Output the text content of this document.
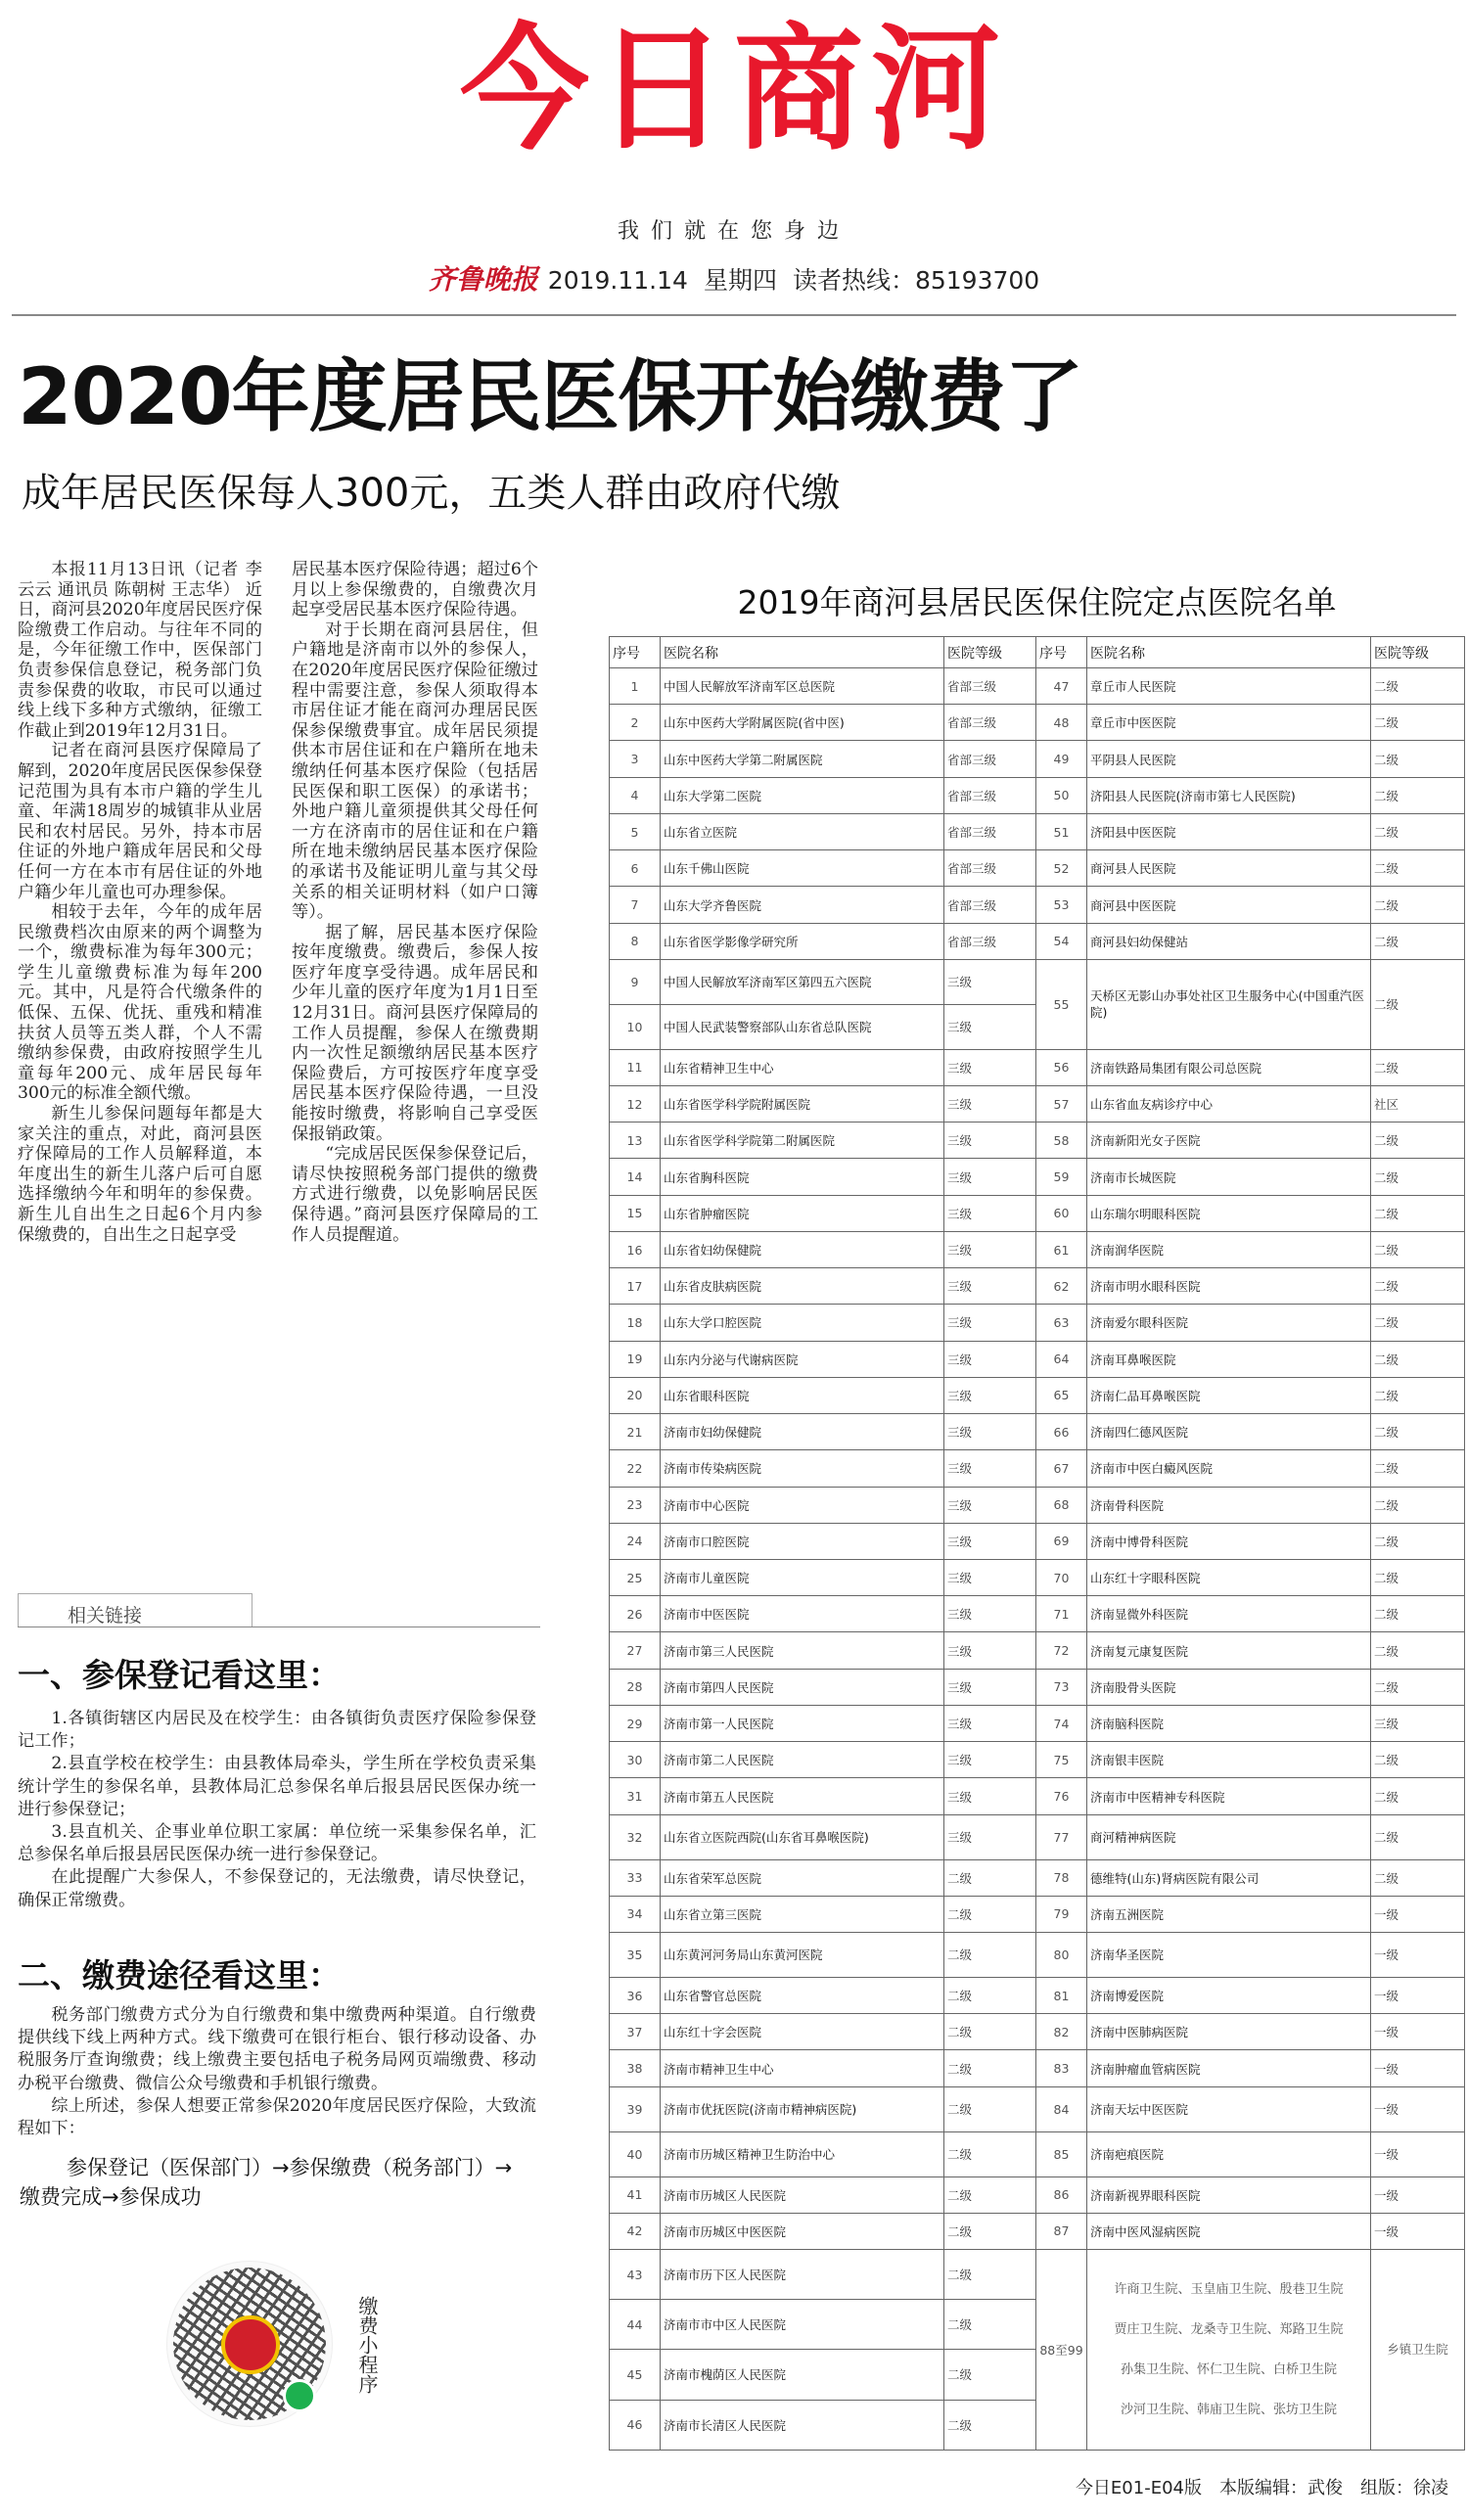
今日商河
我们就在您身边
齐鲁晚报 2019.11.14 星期四 读者热线：85193700
2020年度居民医保开始缴费了
成年居民医保每人300元，五类人群由政府代缴

本报11月13日讯（记者 李云云 通讯员 陈朝树 王志华） 近日，商河县2020年度居民医疗保险缴费工作启动。与往年不同的是，今年征缴工作中，医保部门负责参保信息登记，税务部门负责参保费的收取，市民可以通过线上线下多种方式缴纳，征缴工作截止到2019年12月31日。

记者在商河县医疗保障局了解到，2020年度居民医保参保登记范围为具有本市户籍的学生儿童、年满18周岁的城镇非从业居民和农村居民。另外，持本市居住证的外地户籍成年居民和父母任何一方在本市有居住证的外地户籍少年儿童也可办理参保。

相较于去年，今年的成年居民缴费档次由原来的两个调整为一个，缴费标准为每年300元；学生儿童缴费标准为每年200元。其中，凡是符合代缴条件的低保、五保、优抚、重残和精准扶贫人员等五类人群，个人不需缴纳参保费，由政府按照学生儿童每年200元、成年居民每年300元的标准全额代缴。

新生儿参保问题每年都是大家关注的重点，对此，商河县医疗保障局的工作人员解释道，本年度出生的新生儿落户后可自愿选择缴纳今年和明年的参保费。新生儿自出生之日起6个月内参保缴费的，自出生之日起享受

居民基本医疗保险待遇；超过6个月以上参保缴费的，自缴费次月起享受居民基本医疗保险待遇。

对于长期在商河县居住，但户籍地是济南市以外的参保人，在2020年度居民医疗保险征缴过程中需要注意，参保人须取得本市居住证才能在商河办理居民医保参保缴费事宜。成年居民须提供本市居住证和在户籍所在地未缴纳任何基本医疗保险（包括居民医保和职工医保）的承诺书；外地户籍儿童须提供其父母任何一方在济南市的居住证和在户籍所在地未缴纳居民基本医疗保险的承诺书及能证明儿童与其父母关系的相关证明材料（如户口簿等）。

据了解，居民基本医疗保险按年度缴费。缴费后，参保人按医疗年度享受待遇。成年居民和少年儿童的医疗年度为1月1日至12月31日。商河县医疗保障局的工作人员提醒，参保人在缴费期内一次性足额缴纳居民基本医疗保险费后，方可按医疗年度享受居民基本医疗保险待遇，一旦没能按时缴费，将影响自己享受医保报销政策。

“完成居民医保参保登记后，请尽快按照税务部门提供的缴费方式进行缴费，以免影响居民医保待遇。”商河县医疗保障局的工作人员提醒道。

相关链接
一、参保登记看这里：

1.各镇街辖区内居民及在校学生：由各镇街负责医疗保险参保登记工作；

2.县直学校在校学生：由县教体局牵头，学生所在学校负责采集统计学生的参保名单，县教体局汇总参保名单后报县居民医保办统一进行参保登记；

3.县直机关、企事业单位职工家属：单位统一采集参保名单，汇总参保名单后报县居民医保办统一进行参保登记。

在此提醒广大参保人，不参保登记的，无法缴费，请尽快登记，确保正常缴费。

二、缴费途径看这里：

税务部门缴费方式分为自行缴费和集中缴费两种渠道。自行缴费提供线下线上两种方式。线下缴费可在银行柜台、银行移动设备、办税服务厅查询缴费；线上缴费主要包括电子税务局网页端缴费、移动办税平台缴费、微信公众号缴费和手机银行缴费。

综上所述，参保人想要正常参保2020年度居民医疗保险，大致流程如下：

参保登记（医保部门）→参保缴费（税务部门）→
缴费完成→参保成功
缴费小程序
2019年商河县居民医保住院定点医院名单
序号	医院名称	医院等级	序号	医院名称	医院等级
1	中国人民解放军济南军区总医院	省部三级	47	章丘市人民医院	二级
2	山东中医药大学附属医院(省中医)	省部三级	48	章丘市中医医院	二级
3	山东中医药大学第二附属医院	省部三级	49	平阴县人民医院	二级
4	山东大学第二医院	省部三级	50	济阳县人民医院(济南市第七人民医院)	二级
5	山东省立医院	省部三级	51	济阳县中医医院	二级
6	山东千佛山医院	省部三级	52	商河县人民医院	二级
7	山东大学齐鲁医院	省部三级	53	商河县中医医院	二级
8	山东省医学影像学研究所	省部三级	54	商河县妇幼保健站	二级
9	中国人民解放军济南军区第四五六医院	三级	55	天桥区无影山办事处社区卫生服务中心(中国重汽医院)	二级
10	中国人民武装警察部队山东省总队医院	三级			
11	山东省精神卫生中心	三级	56	济南铁路局集团有限公司总医院	二级
12	山东省医学科学院附属医院	三级	57	山东省血友病诊疗中心	社区
13	山东省医学科学院第二附属医院	三级	58	济南新阳光女子医院	二级
14	山东省胸科医院	三级	59	济南市长城医院	二级
15	山东省肿瘤医院	三级	60	山东瑞尔明眼科医院	二级
16	山东省妇幼保健院	三级	61	济南润华医院	二级
17	山东省皮肤病医院	三级	62	济南市明水眼科医院	二级
18	山东大学口腔医院	三级	63	济南爱尔眼科医院	二级
19	山东内分泌与代谢病医院	三级	64	济南耳鼻喉医院	二级
20	山东省眼科医院	三级	65	济南仁品耳鼻喉医院	二级
21	济南市妇幼保健院	三级	66	济南四仁德风医院	二级
22	济南市传染病医院	三级	67	济南市中医白癜风医院	二级
23	济南市中心医院	三级	68	济南骨科医院	二级
24	济南市口腔医院	三级	69	济南中博骨科医院	二级
25	济南市儿童医院	三级	70	山东红十字眼科医院	二级
26	济南市中医医院	三级	71	济南显微外科医院	二级
27	济南市第三人民医院	三级	72	济南复元康复医院	二级
28	济南市第四人民医院	三级	73	济南股骨头医院	二级
29	济南市第一人民医院	三级	74	济南脑科医院	三级
30	济南市第二人民医院	三级	75	济南银丰医院	二级
31	济南市第五人民医院	三级	76	济南市中医精神专科医院	二级
32	山东省立医院西院(山东省耳鼻喉医院)	三级	77	商河精神病医院	二级
33	山东省荣军总医院	二级	78	德维特(山东)肾病医院有限公司	二级
34	山东省立第三医院	二级	79	济南五洲医院	一级
35	山东黄河河务局山东黄河医院	二级	80	济南华圣医院	一级
36	山东省警官总医院	二级	81	济南博爱医院	一级
37	山东红十字会医院	二级	82	济南中医肺病医院	一级
38	济南市精神卫生中心	二级	83	济南肿瘤血管病医院	一级
39	济南市优抚医院(济南市精神病医院)	二级	84	济南天坛中医医院	一级
40	济南市历城区精神卫生防治中心	二级	85	济南疤痕医院	一级
41	济南市历城区人民医院	二级	86	济南新视界眼科医院	一级
42	济南市历城区中医医院	二级	87	济南中医风湿病医院	一级
43	济南市历下区人民医院	二级	88至99	许商卫生院、玉皇庙卫生院、殷巷卫生院
贾庄卫生院、龙桑寺卫生院、郑路卫生院
孙集卫生院、怀仁卫生院、白桥卫生院
沙河卫生院、韩庙卫生院、张坊卫生院	乡镇卫生院
44	济南市市中区人民医院	二级			
45	济南市槐荫区人民医院	二级			
46	济南市长清区人民医院	二级			
今日E01-E04版 本版编辑：武俊 组版：徐凌
